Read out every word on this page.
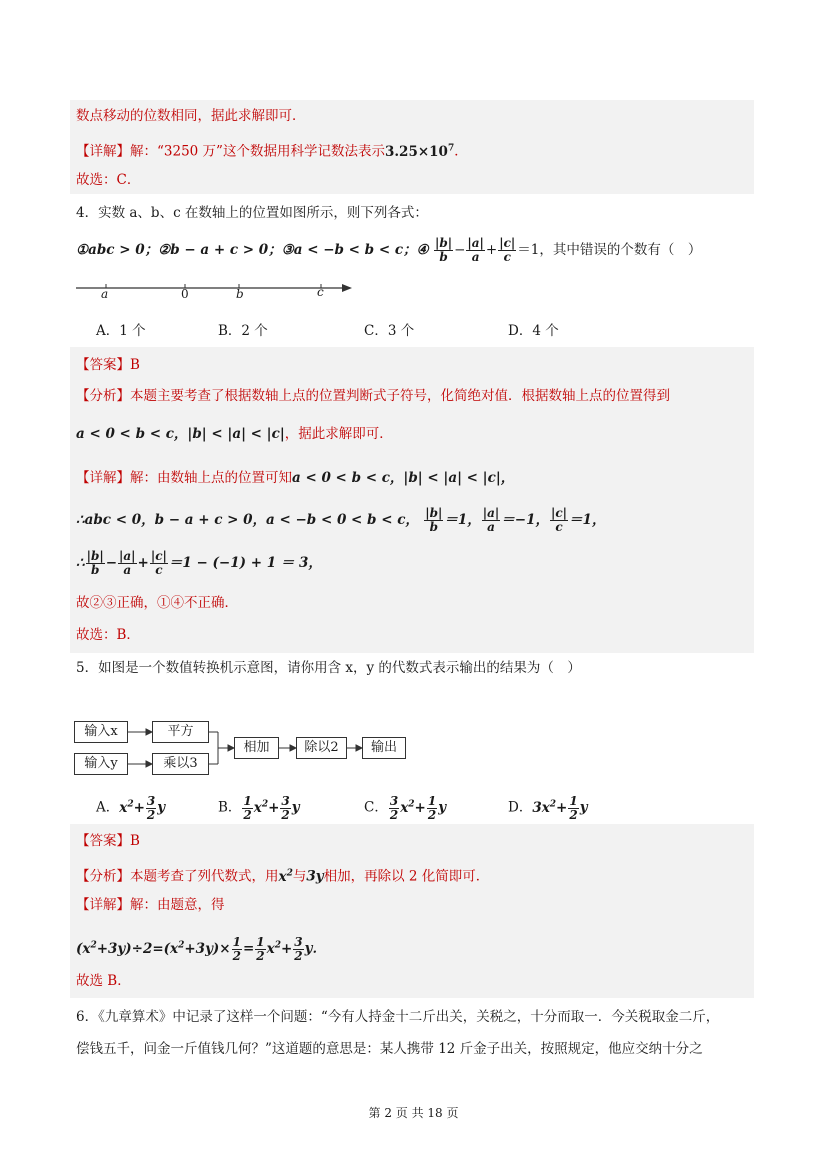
数点移动的位数相同，据此求解即可．
【详解】解：“3250 万”这个数据用科学记数法表示$3.25\times 10^7$．
故选：C．
4．实数 a、b、c 在数轴上的位置如图所示，则下列各式：
①abc > 0；②b − a + c > 0；③a < −b < b < c；④ $\frac{|b|}{b} - \frac{|a|}{a} + \frac{|c|}{c} =1$，其中错误的个数有（　）
a	0	b	c
A．1 个	B．2 个	C．3 个	D．4 个
【答案】B
【分析】本题主要考查了根据数轴上点的位置判断式子符号，化简绝对值．根据数轴上点的位置得到
a < 0 < b < c，|b| < |a| < |c|，据此求解即可．
【详解】解：由数轴上点的位置可知a < 0 < b < c，|b| < |a| < |c|，
∴abc < 0，b − a + c > 0，a < −b < 0 < b < c， $\frac{|b|}{b} =1$， $\frac{|a|}{a} =-1$， $\frac{|c|}{c} =1$，
∴ $\frac{|b|}{b} - \frac{|a|}{a} + \frac{|c|}{c} =1 - (-1) + 1 = 3$，
故②③正确，①④不正确．
故选：B．
5．如图是一个数值转换机示意图，请你用含 x，y 的代数式表示输出的结果为（　）
输入x
输入y
平方
乘以3
相加	除以2	输出
A．$x^2+ \frac{3}{2}$ y	B． $\frac{1}{2} x^2+ \frac{3}{2}$ y	C． $\frac{3}{2} x^2+ \frac{1}{2}$ y	D．$3x^2+ \frac{1}{2}$ y
【答案】B
【分析】本题考查了列代数式，用$x^2$与3y相加，再除以 2 化简即可．
【详解】解：由题意，得
$(x^2+3y)\div 2=(x^2+3y)\times \frac{1}{2} = \frac{1}{2} x^2+ \frac{3}{2}$ y．
故选 B．
6．《九章算术》中记录了这样一个问题：“今有人持金十二斤出关，关税之，十分而取一．今关税取金二斤，
偿钱五千，问金一斤值钱几何？”这道题的意思是：某人携带 12 斤金子出关，按照规定，他应交纳十分之
第 2 页 共 18 页
